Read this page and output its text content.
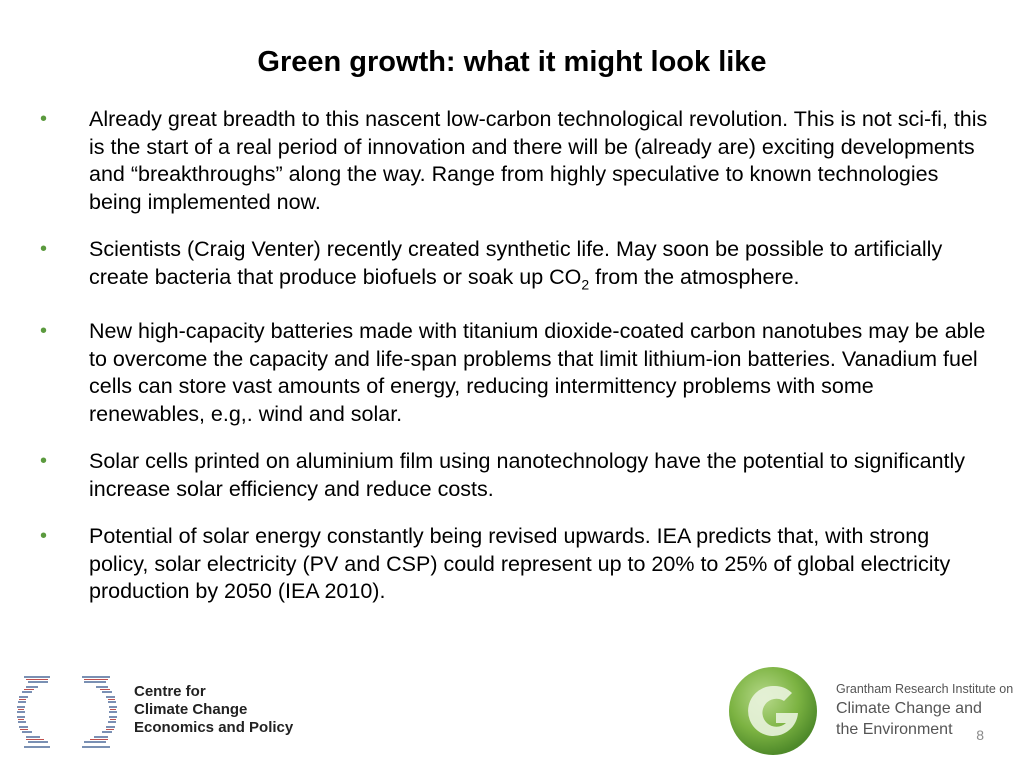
Green growth: what it might look like
• Already great breadth to this nascent low-carbon technological revolution. This is not sci-fi, this is the start of a real period of innovation and there will be (already are) exciting developments and “breakthroughs” along the way. Range from highly speculative to known technologies being implemented now.
• Scientists (Craig Venter) recently created synthetic life. May soon be possible to artificially create bacteria that produce biofuels or soak up $CO_2$ from the atmosphere.
• New high-capacity batteries made with titanium dioxide-coated carbon nanotubes may be able to overcome the capacity and life-span problems that limit lithium-ion batteries. Vanadium fuel cells can store vast amounts of energy, reducing intermittency problems with some renewables, e.g,. wind and solar.
• Solar cells printed on aluminium film using nanotechnology have the potential to significantly increase solar efficiency and reduce costs.
• Potential of solar energy constantly being revised upwards. IEA predicts that, with strong policy, solar electricity (PV and CSP) could represent up to 20% to 25% of global electricity production by 2050 (IEA 2010).
Centre for
Climate Change
Economics and Policy
Grantham Research Institute on
Climate Change and
the Environment	8
